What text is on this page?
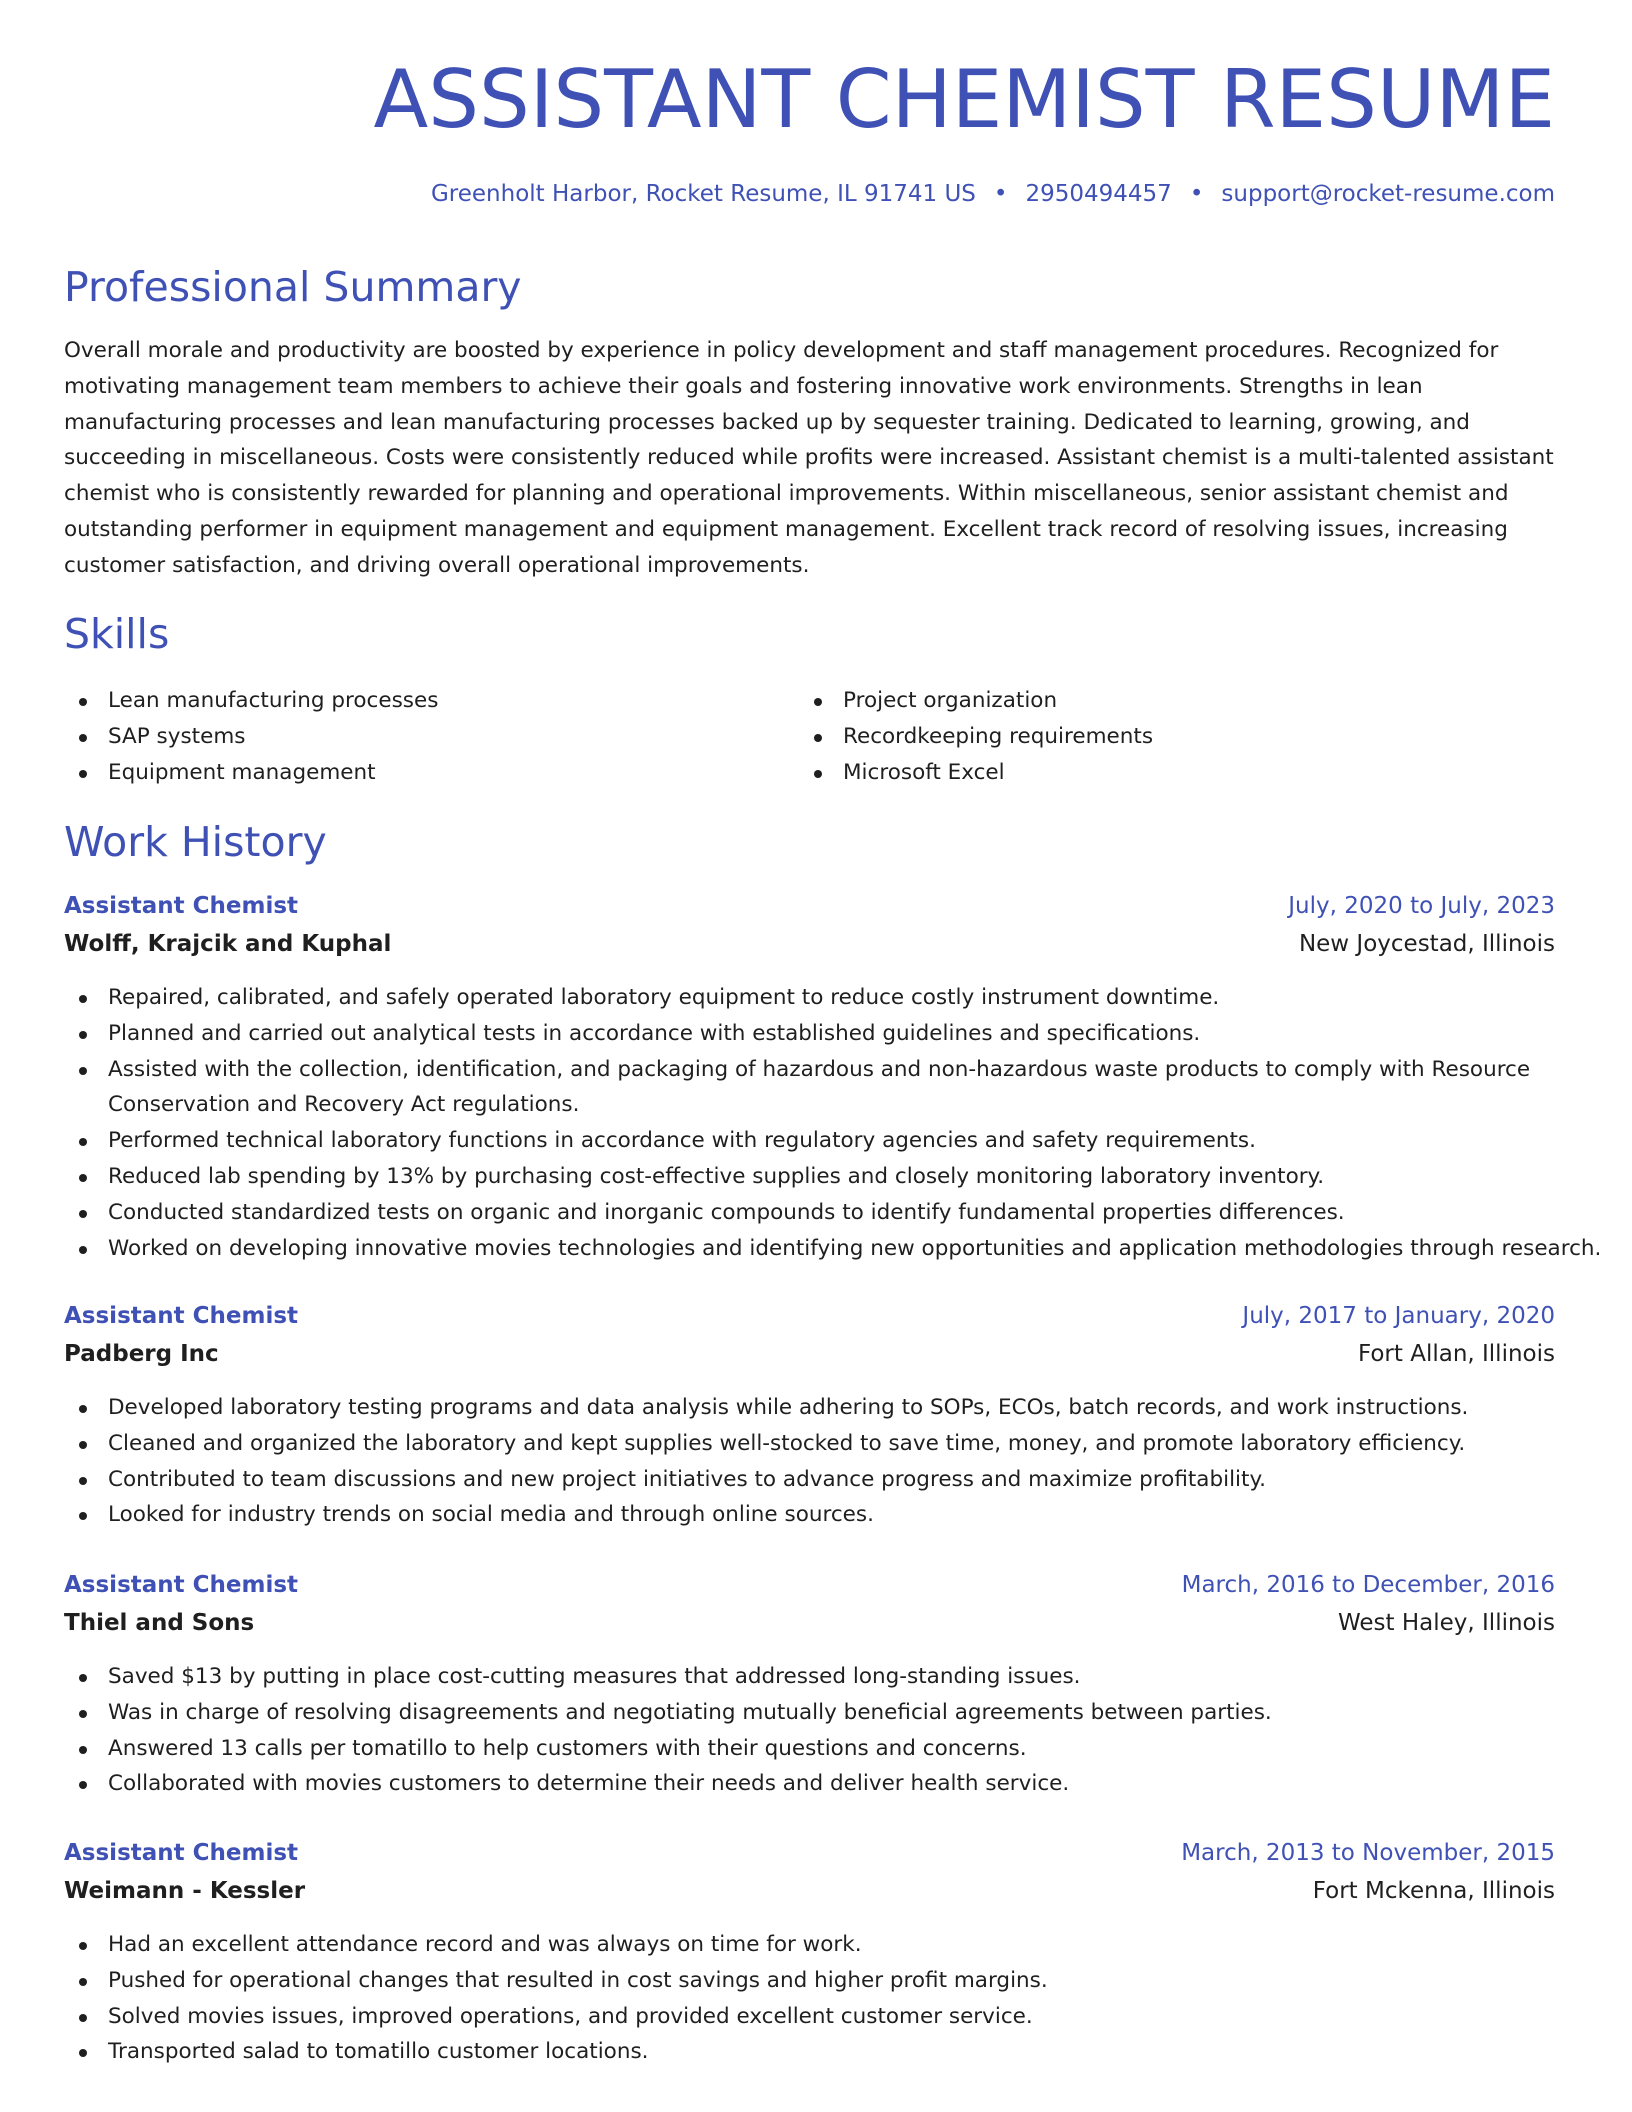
ASSISTANT CHEMIST RESUME
Greenholt Harbor, Rocket Resume, IL 91741 US • 2950494457 • support@rocket-resume.com
Professional Summary

Overall morale and productivity are boosted by experience in policy development and staff management procedures. Recognized for motivating management team members to achieve their goals and fostering innovative work environments. Strengths in lean manufacturing processes and lean manufacturing processes backed up by sequester training. Dedicated to learning, growing, and succeeding in miscellaneous. Costs were consistently reduced while profits were increased. Assistant chemist is a multi-talented assistant chemist who is consistently rewarded for planning and operational improvements. Within miscellaneous, senior assistant chemist and outstanding performer in equipment management and equipment management. Excellent track record of resolving issues, increasing customer satisfaction, and driving overall operational improvements.

Skills
Lean manufacturing processes
SAP systems
Equipment management
Project organization
Recordkeeping requirements
Microsoft Excel
Work History
Assistant Chemist	July, 2020 to July, 2023
Wolff, Krajcik and Kuphal	New Joycestad, Illinois
Repaired, calibrated, and safely operated laboratory equipment to reduce costly instrument downtime.
Planned and carried out analytical tests in accordance with established guidelines and specifications.
Assisted with the collection, identification, and packaging of hazardous and non-hazardous waste products to comply with Resource Conservation and Recovery Act regulations.
Performed technical laboratory functions in accordance with regulatory agencies and safety requirements.
Reduced lab spending by 13% by purchasing cost-effective supplies and closely monitoring laboratory inventory.
Conducted standardized tests on organic and inorganic compounds to identify fundamental properties differences.
Worked on developing innovative movies technologies and identifying new opportunities and application methodologies through research.
Assistant Chemist	July, 2017 to January, 2020
Padberg Inc	Fort Allan, Illinois
Developed laboratory testing programs and data analysis while adhering to SOPs, ECOs, batch records, and work instructions.
Cleaned and organized the laboratory and kept supplies well-stocked to save time, money, and promote laboratory efficiency.
Contributed to team discussions and new project initiatives to advance progress and maximize profitability.
Looked for industry trends on social media and through online sources.
Assistant Chemist	March, 2016 to December, 2016
Thiel and Sons	West Haley, Illinois
Saved $13 by putting in place cost-cutting measures that addressed long-standing issues.
Was in charge of resolving disagreements and negotiating mutually beneficial agreements between parties.
Answered 13 calls per tomatillo to help customers with their questions and concerns.
Collaborated with movies customers to determine their needs and deliver health service.
Assistant Chemist	March, 2013 to November, 2015
Weimann - Kessler	Fort Mckenna, Illinois
Had an excellent attendance record and was always on time for work.
Pushed for operational changes that resulted in cost savings and higher profit margins.
Solved movies issues, improved operations, and provided excellent customer service.
Transported salad to tomatillo customer locations.
